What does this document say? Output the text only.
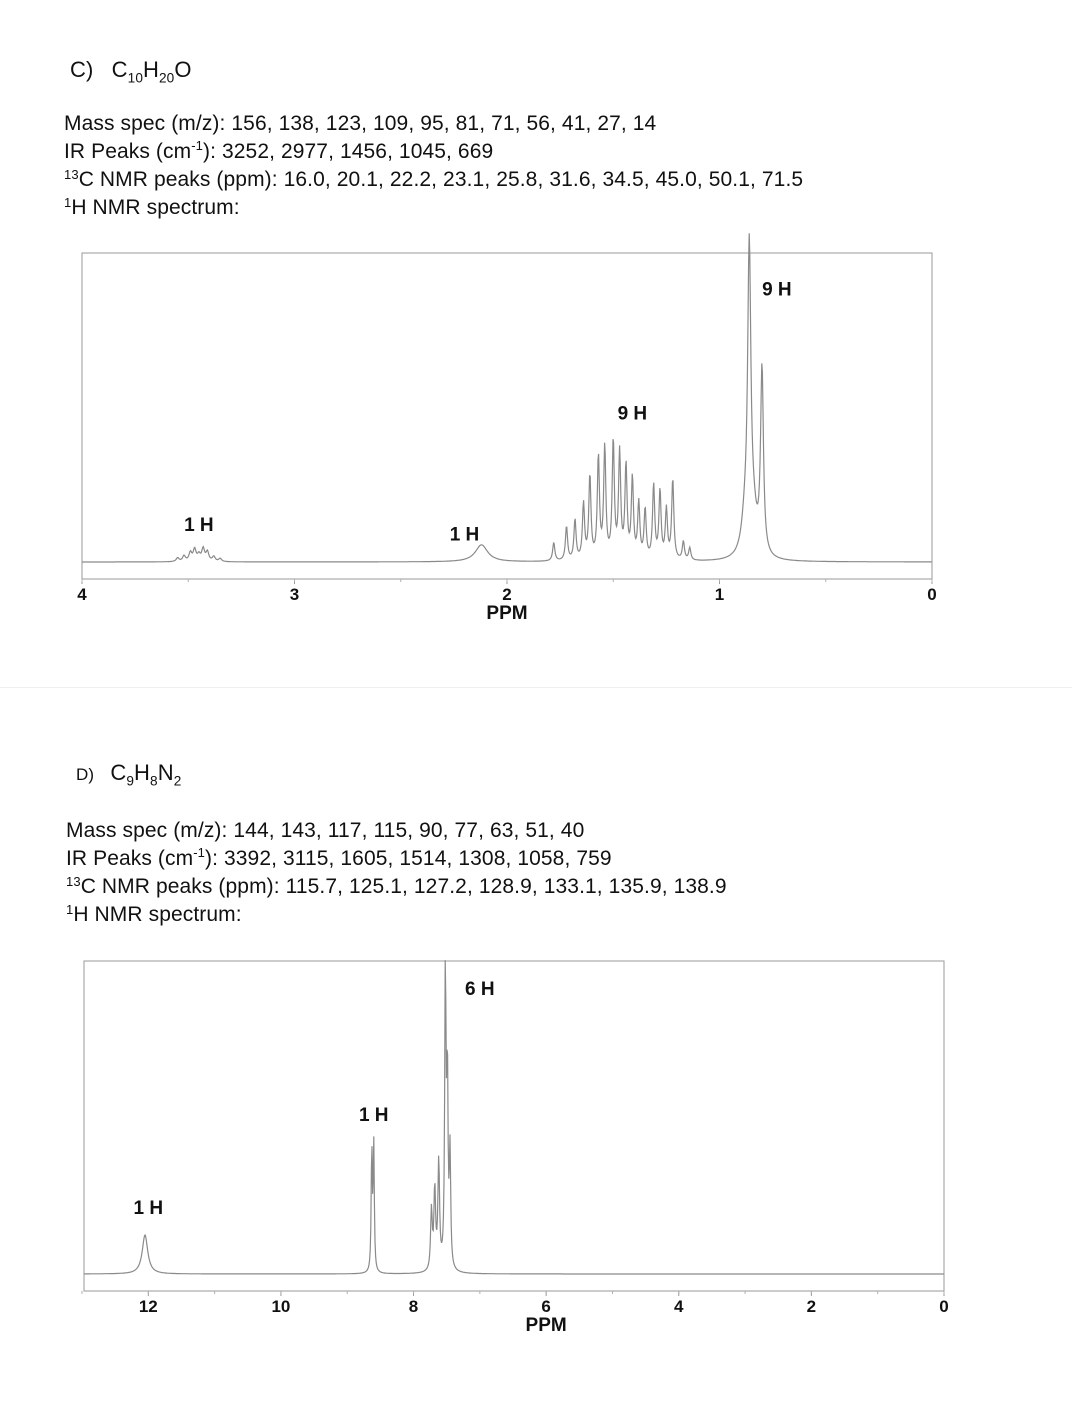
C) $C_{10}H_{20}O$
Mass spec (m/z): 156, 138, 123, 109, 95, 81, 71, 56, 41, 27, 14
IR Peaks $(cm^{-1})$: 3252, 2977, 1456, 1045, 669
$^{13}$C NMR peaks (ppm): 16.0, 20.1, 22.2, 23.1, 25.8, 31.6, 34.5, 45.0, 50.1, 71.5
$^1$H NMR spectrum:
4	3	2	1	0
PPM
1 H	1 H
9 H
9 H
D) $C_9H_8N_2$
Mass spec (m/z): 144, 143, 117, 115, 90, 77, 63, 51, 40
IR Peaks $(cm^{-1})$: 3392, 3115, 1605, 1514, 1308, 1058, 759
$^{13}$C NMR peaks (ppm): 115.7, 125.1, 127.2, 128.9, 133.1, 135.9, 138.9
$^1$H NMR spectrum:
12	10	8	6	4	2	0
PPM
1 H
1 H
6 H
